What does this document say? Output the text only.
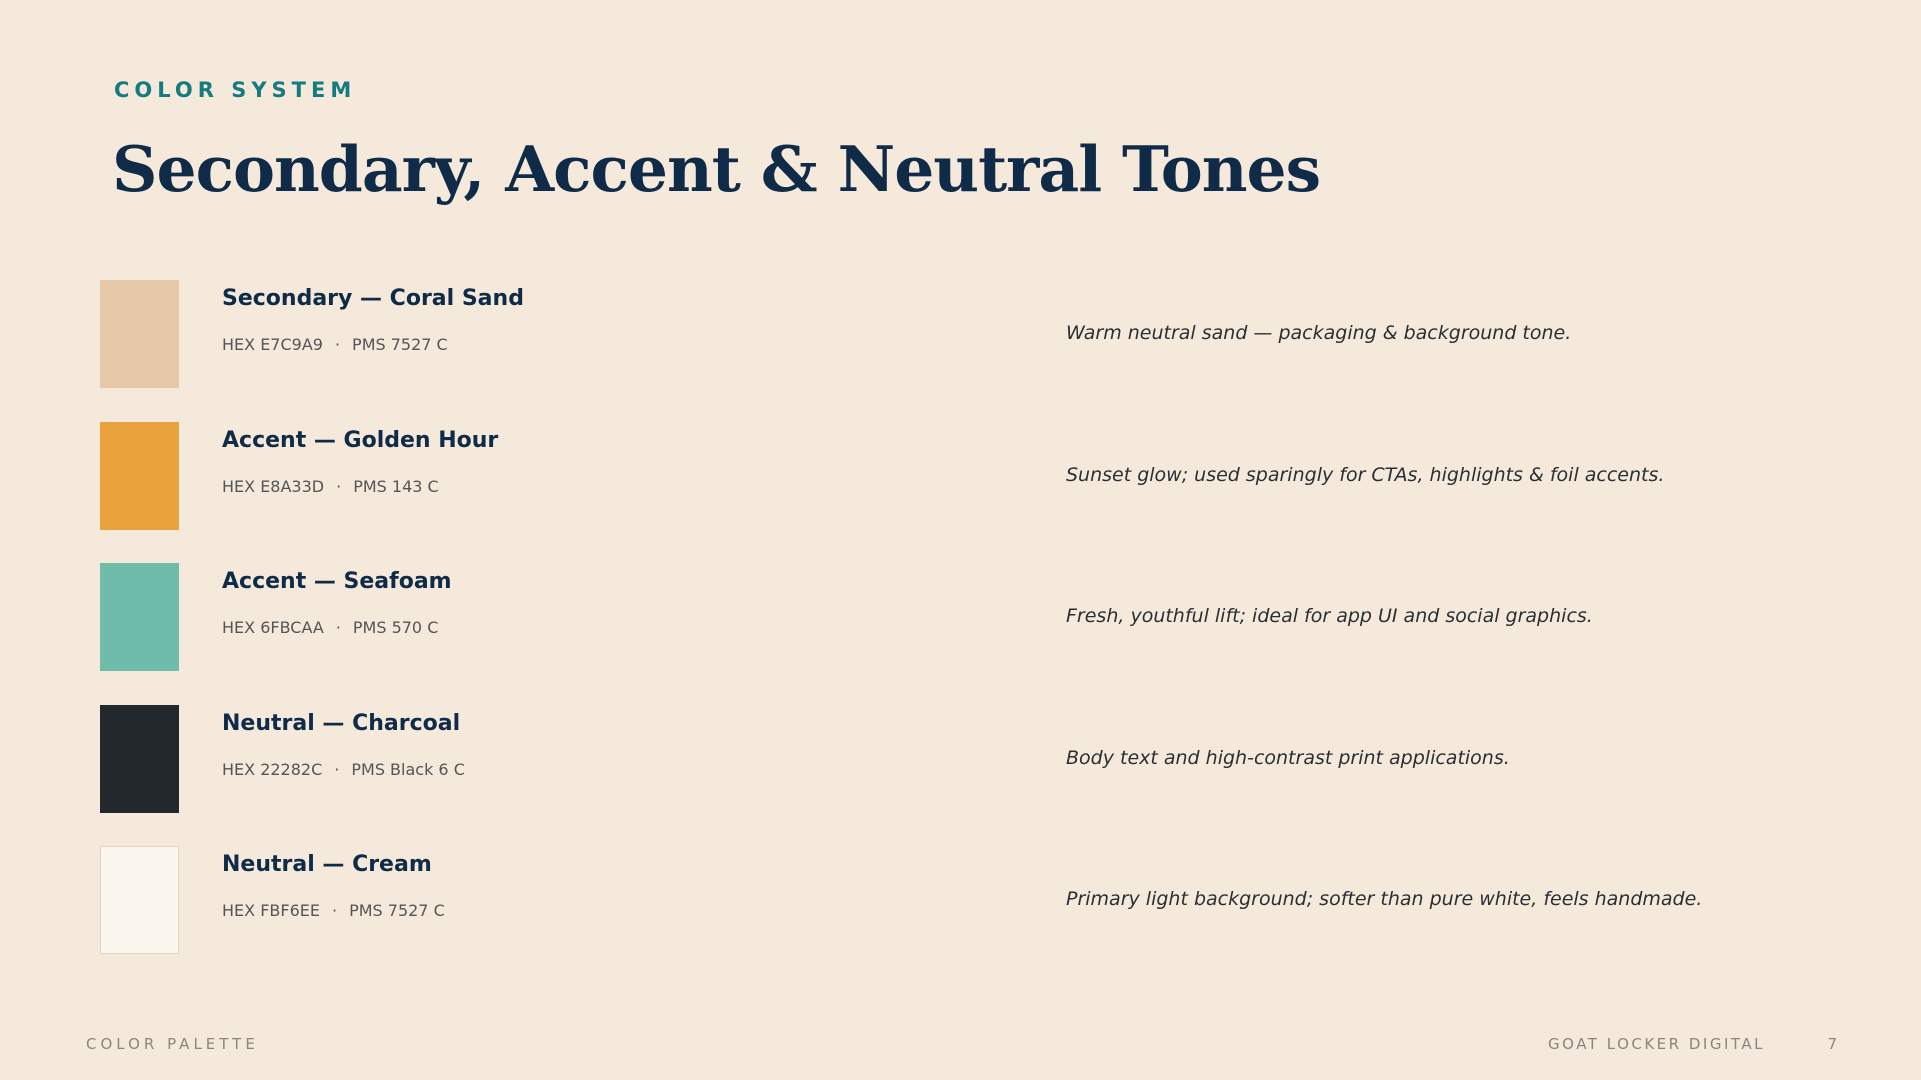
COLOR SYSTEM
Secondary, Accent & Neutral Tones
Secondary — Coral Sand
HEX E7C9A9 · PMS 7527 C
Warm neutral sand — packaging & background tone.
Accent — Golden Hour
HEX E8A33D · PMS 143 C
Sunset glow; used sparingly for CTAs, highlights & foil accents.
Accent — Seafoam
HEX 6FBCAA · PMS 570 C
Fresh, youthful lift; ideal for app UI and social graphics.
Neutral — Charcoal
HEX 22282C · PMS Black 6 C
Body text and high-contrast print applications.
Neutral — Cream
HEX FBF6EE · PMS 7527 C
Primary light background; softer than pure white, feels handmade.
COLOR PALETTE	GOAT LOCKER DIGITAL	7
